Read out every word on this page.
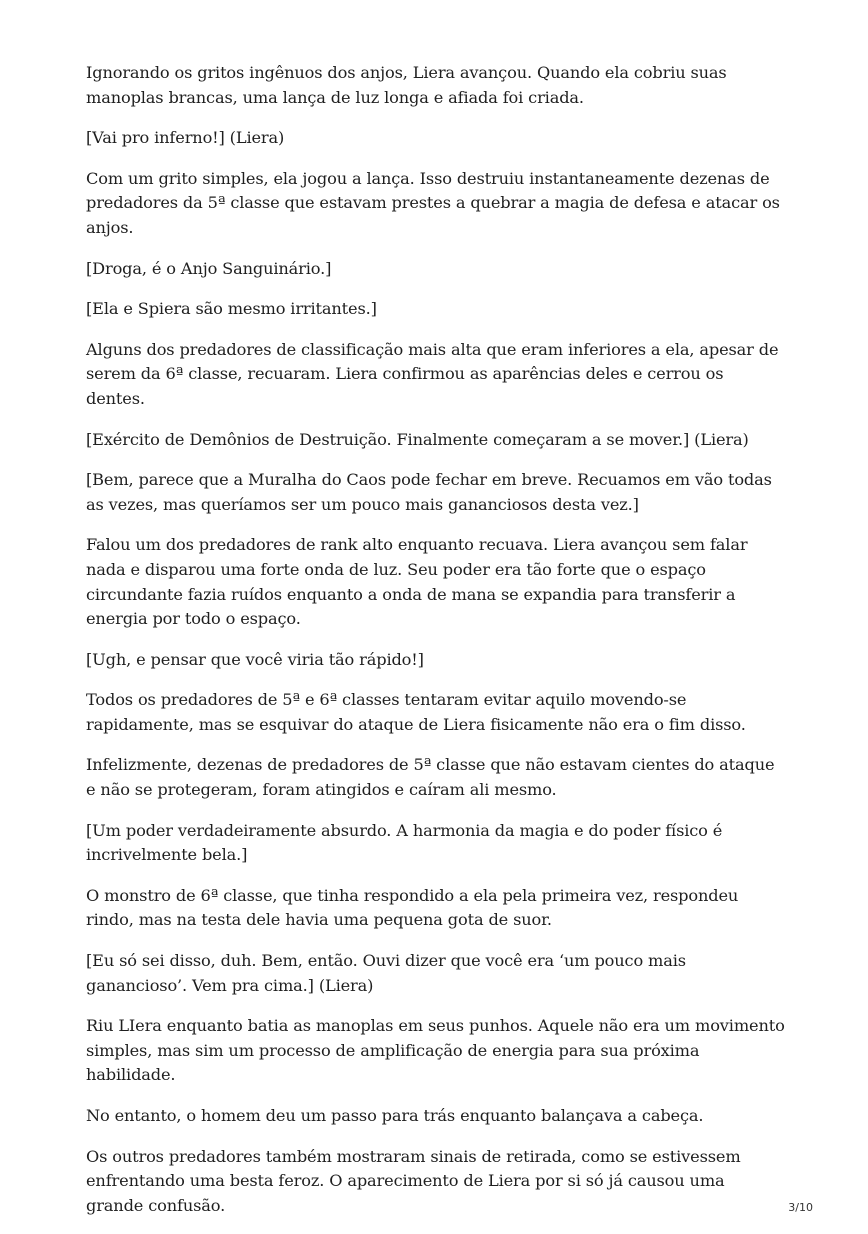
Ignorando os gritos ingênuos dos anjos, Liera avançou. Quando ela cobriu suas manoplas brancas, uma lança de luz longa e afiada foi criada.

[Vai pro inferno!] (Liera)

Com um grito simples, ela jogou a lança. Isso destruiu instantaneamente dezenas de predadores da 5ª classe que estavam prestes a quebrar a magia de defesa e atacar os anjos.

[Droga, é o Anjo Sanguinário.]

[Ela e Spiera são mesmo irritantes.]

Alguns dos predadores de classificação mais alta que eram inferiores a ela, apesar de serem da 6ª classe, recuaram. Liera confirmou as aparências deles e cerrou os dentes.

[Exército de Demônios de Destruição. Finalmente começaram a se mover.] (Liera)

[Bem, parece que a Muralha do Caos pode fechar em breve. Recuamos em vão todas as vezes, mas queríamos ser um pouco mais gananciosos desta vez.]

Falou um dos predadores de rank alto enquanto recuava. Liera avançou sem falar nada e disparou uma forte onda de luz. Seu poder era tão forte que o espaço circundante fazia ruídos enquanto a onda de mana se expandia para transferir a energia por todo o espaço.

[Ugh, e pensar que você viria tão rápido!]

Todos os predadores de 5ª e 6ª classes tentaram evitar aquilo movendo-se rapidamente, mas se esquivar do ataque de Liera fisicamente não era o fim disso.

Infelizmente, dezenas de predadores de 5ª classe que não estavam cientes do ataque e não se protegeram, foram atingidos e caíram ali mesmo.

[Um poder verdadeiramente absurdo. A harmonia da magia e do poder físico é incrivelmente bela.]

O monstro de 6ª classe, que tinha respondido a ela pela primeira vez, respondeu rindo, mas na testa dele havia uma pequena gota de suor.

[Eu só sei disso, duh. Bem, então. Ouvi dizer que você era ‘um pouco mais ganancioso’. Vem pra cima.] (Liera)

Riu LIera enquanto batia as manoplas em seus punhos. Aquele não era um movimento simples, mas sim um processo de amplificação de energia para sua próxima habilidade.

No entanto, o homem deu um passo para trás enquanto balançava a cabeça.

Os outros predadores também mostraram sinais de retirada, como se estivessem enfrentando uma besta feroz. O aparecimento de Liera por si só já causou uma grande confusão.	3/10
